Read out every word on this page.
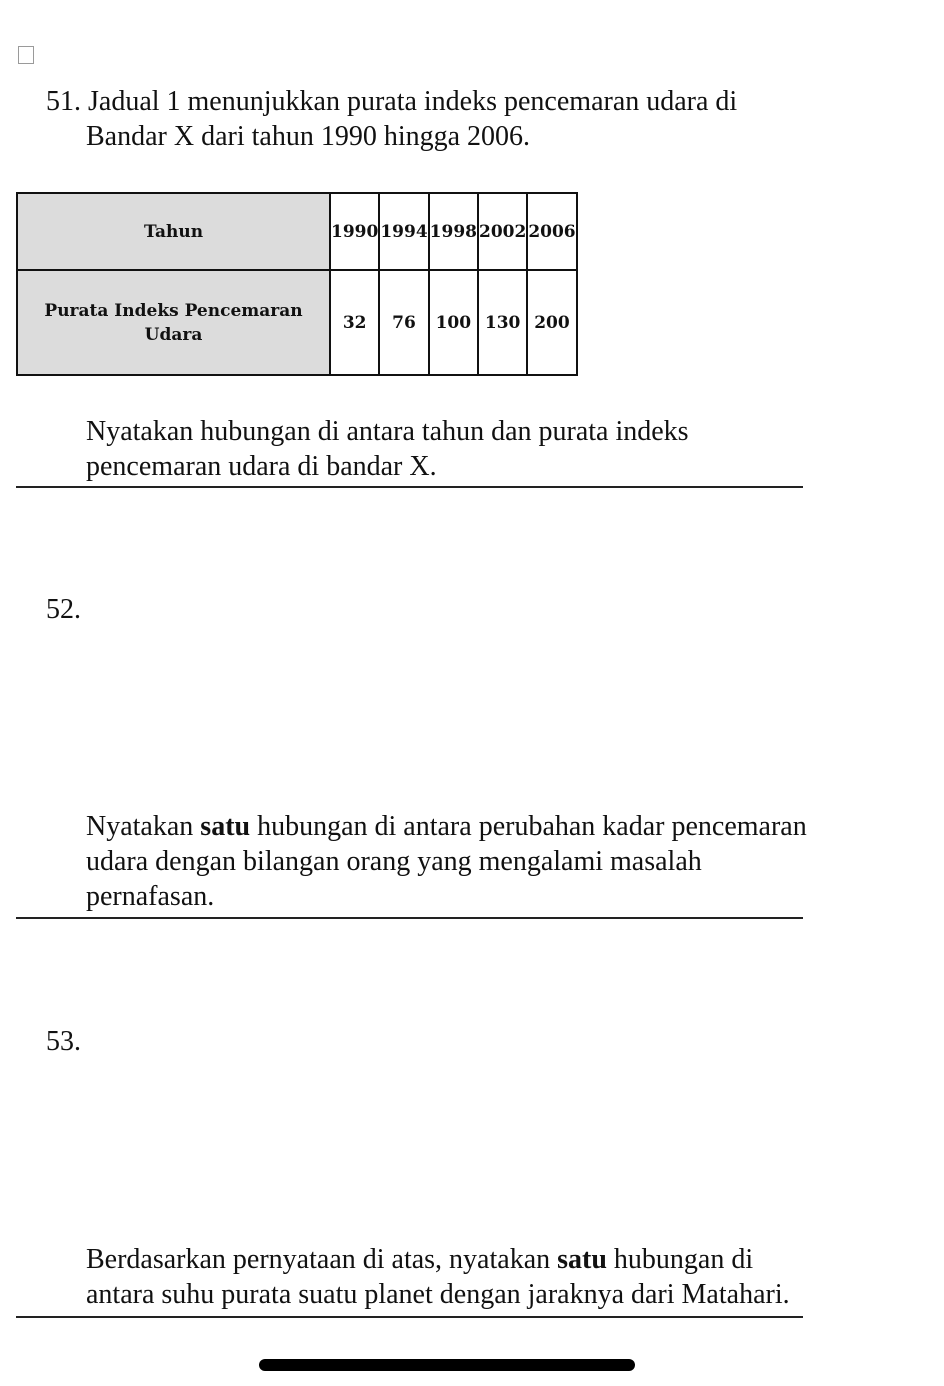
51. Jadual 1 menunjukkan purata indeks pencemaran udara di
Bandar X dari tahun 1990 hingga 2006.
Tahun	1990	1994	1998	2002	2006
Purata Indeks Pencemaran
Udara	32	76	100	130	200
Nyatakan hubungan di antara tahun dan purata indeks
pencemaran udara di bandar X.
52.
Nyatakan satu hubungan di antara perubahan kadar pencemaran
udara dengan bilangan orang yang mengalami masalah
pernafasan.
53.
Berdasarkan pernyataan di atas, nyatakan satu hubungan di
antara suhu purata suatu planet dengan jaraknya dari Matahari.
